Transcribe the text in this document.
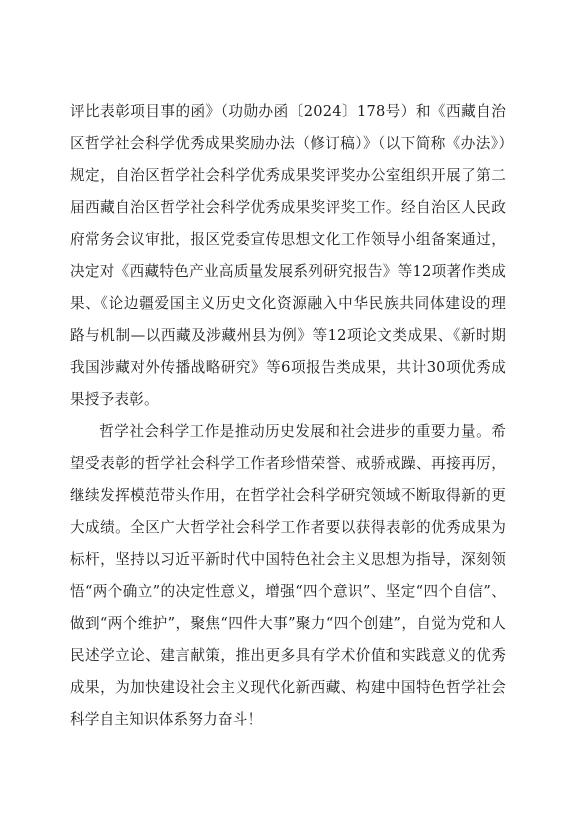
评比表彰项目事的函》（功勋办函〔2024〕178号）和《西藏自治区哲学社会科学优秀成果奖励办法（修订稿）》（以下简称《办法》）规定，自治区哲学社会科学优秀成果奖评奖办公室组织开展了第二届西藏自治区哲学社会科学优秀成果奖评奖工作。经自治区人民政府常务会议审批，报区党委宣传思想文化工作领导小组备案通过，决定对《西藏特色产业高质量发展系列研究报告》等12项著作类成果、《论边疆爱国主义历史文化资源融入中华民族共同体建设的理路与机制—以西藏及涉藏州县为例》等12项论文类成果、《新时期我国涉藏对外传播战略研究》等6项报告类成果，共计30项优秀成果授予表彰。

哲学社会科学工作是推动历史发展和社会进步的重要力量。希望受表彰的哲学社会科学工作者珍惜荣誉、戒骄戒躁、再接再厉，继续发挥模范带头作用，在哲学社会科学研究领域不断取得新的更大成绩。全区广大哲学社会科学工作者要以获得表彰的优秀成果为标杆，坚持以习近平新时代中国特色社会主义思想为指导，深刻领悟“两个确立”的决定性意义，增强“四个意识”、坚定“四个自信”、做到“两个维护”，聚焦“四件大事”聚力“四个创建”，自觉为党和人民述学立论、建言献策，推出更多具有学术价值和实践意义的优秀成果，为加快建设社会主义现代化新西藏、构建中国特色哲学社会科学自主知识体系努力奋斗！
